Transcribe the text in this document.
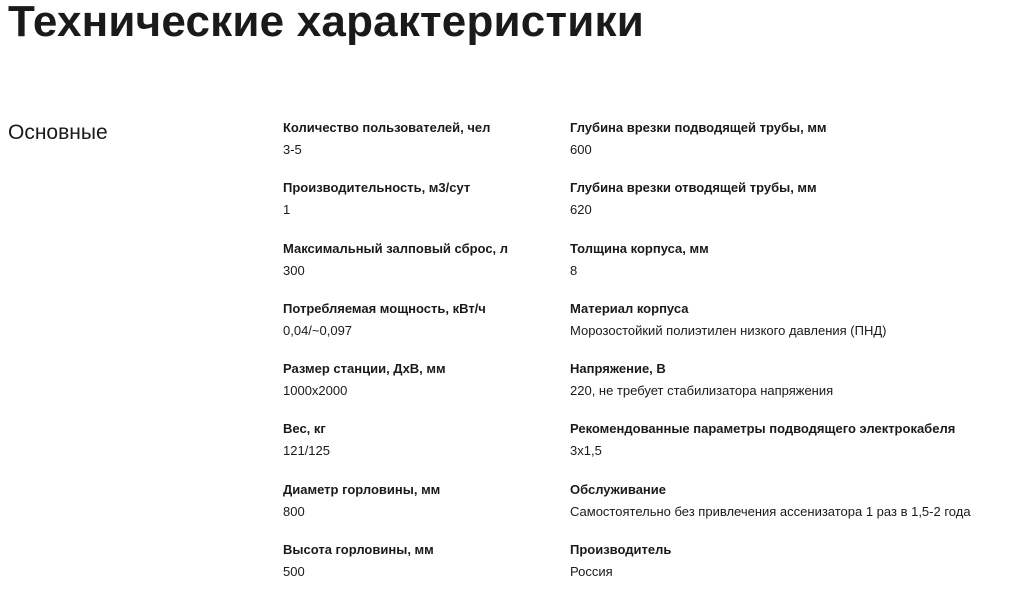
Технические характеристики
Основные	Количество пользователей, чел
3-5
Производительность, м3/сут
1
Максимальный залповый сброс, л
300
Потребляемая мощность, кВт/ч
0,04/~0,097
Размер станции, ДхВ, мм
1000х2000
Вес, кг
121/125
Диаметр горловины, мм
800
Высота горловины, мм
500
Глубина врезки подводящей трубы, мм
600
Глубина врезки отводящей трубы, мм
620
Толщина корпуса, мм
8
Материал корпуса
Морозостойкий полиэтилен низкого давления (ПНД)
Напряжение, В
220, не требует стабилизатора напряжения
Рекомендованные параметры подводящего электрокабеля
3х1,5
Обслуживание
Самостоятельно без привлечения ассенизатора 1 раз в 1,5-2 года
Производитель
Россия
